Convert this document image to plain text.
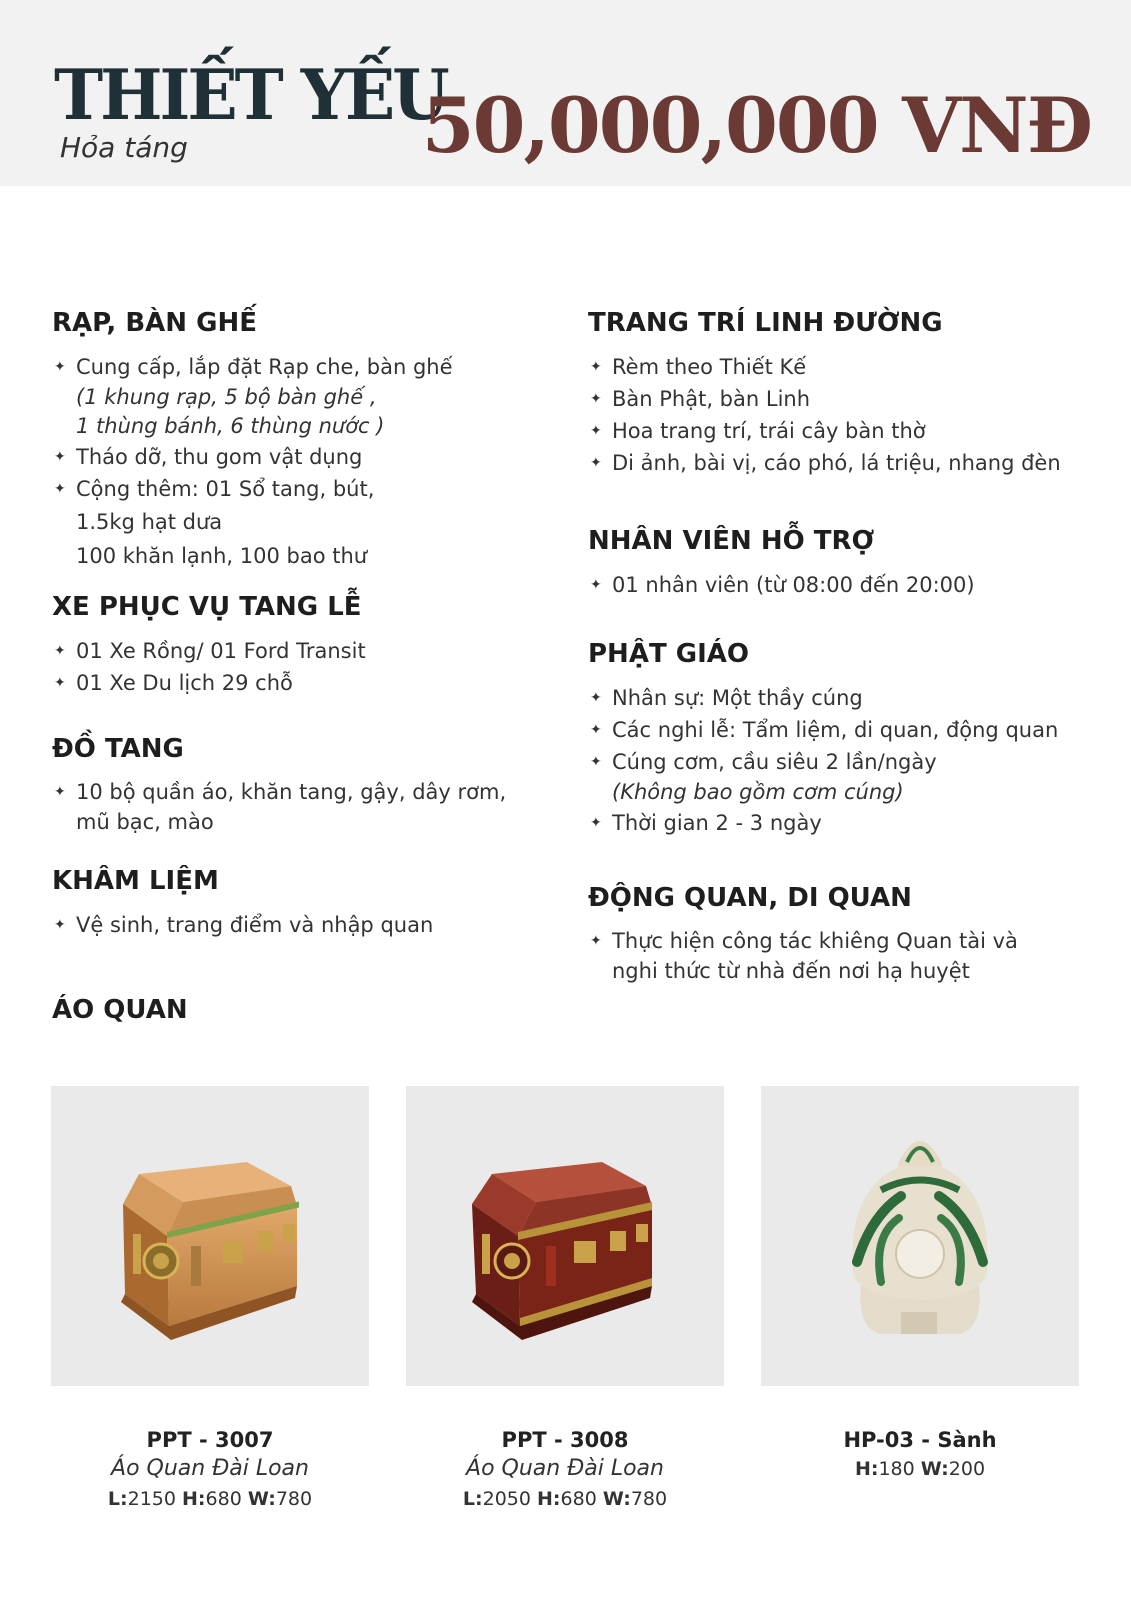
THIẾT YẾU
Hỏa táng	50,000,000 VNĐ
RẠP, BÀN GHẾ
✦ Cung cấp, lắp đặt Rạp che, bàn ghế
(1 khung rạp, 5 bộ bàn ghế ,
1 thùng bánh, 6 thùng nước )
✦ Tháo dỡ, thu gom vật dụng
✦ Cộng thêm: 01 Sổ tang, bút,
1.5kg hạt dưa
100 khăn lạnh, 100 bao thư
XE PHỤC VỤ TANG LỄ
✦ 01 Xe Rồng/ 01 Ford Transit
✦ 01 Xe Du lịch 29 chỗ
ĐỒ TANG
✦ 10 bộ quần áo, khăn tang, gậy, dây rơm,
mũ bạc, mào
KHÂM LIỆM
✦ Vệ sinh, trang điểm và nhập quan
ÁO QUAN
TRANG TRÍ LINH ĐƯỜNG
✦ Rèm theo Thiết Kế
✦ Bàn Phật, bàn Linh
✦ Hoa trang trí, trái cây bàn thờ
✦ Di ảnh, bài vị, cáo phó, lá triệu, nhang đèn
NHÂN VIÊN HỖ TRỢ
✦ 01 nhân viên (từ 08:00 đến 20:00)
PHẬT GIÁO
✦ Nhân sự: Một thầy cúng
✦ Các nghi lễ: Tẩm liệm, di quan, động quan
✦ Cúng cơm, cầu siêu 2 lần/ngày
(Không bao gồm cơm cúng)
✦ Thời gian 2 - 3 ngày
ĐỘNG QUAN, DI QUAN
✦ Thực hiện công tác khiêng Quan tài và
nghi thức từ nhà đến nơi hạ huyệt
PPT - 3007
Áo Quan Đài Loan
L:2150 H:680 W:780
PPT - 3008
Áo Quan Đài Loan
L:2050 H:680 W:780
HP-03 - Sành
H:180 W:200
